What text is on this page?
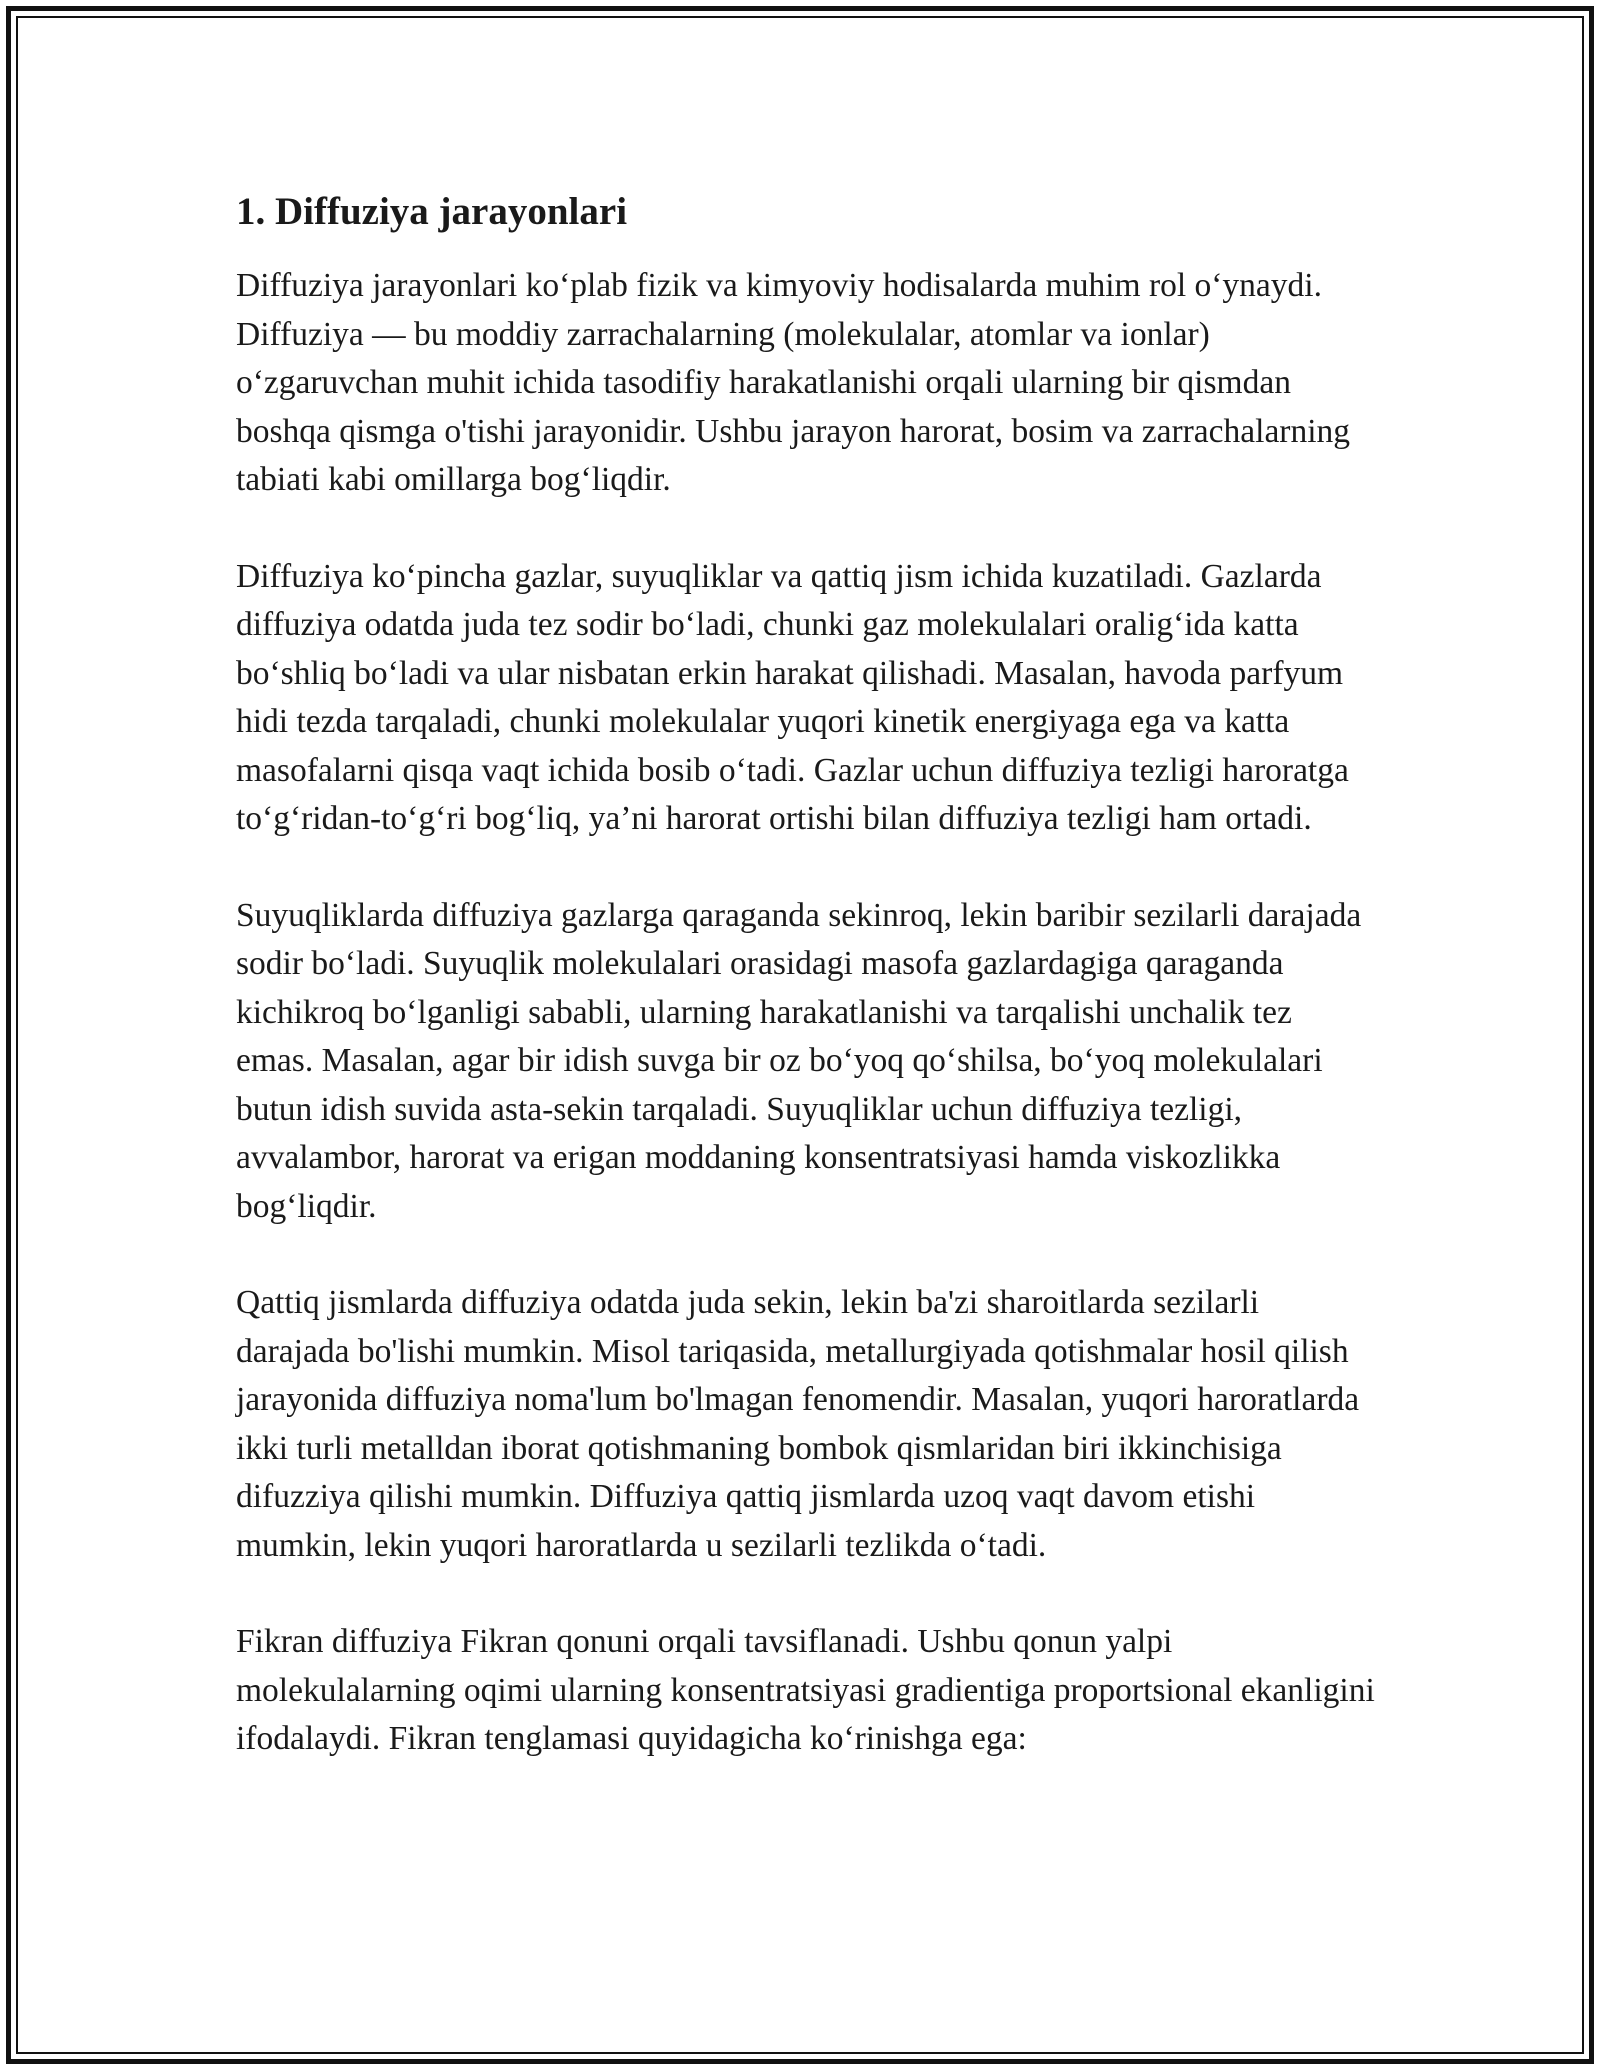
1. Diffuziya jarayonlari

Diffuziya jarayonlari ko‘plab fizik va kimyoviy hodisalarda muhim rol o‘ynaydi. Diffuziya — bu moddiy zarrachalarning (molekulalar, atomlar va ionlar) o‘zgaruvchan muhit ichida tasodifiy harakatlanishi orqali ularning bir qismdan boshqa qismga o'tishi jarayonidir. Ushbu jarayon harorat, bosim va zarrachalarning tabiati kabi omillarga bog‘liqdir.

Diffuziya ko‘pincha gazlar, suyuqliklar va qattiq jism ichida kuzatiladi. Gazlarda diffuziya odatda juda tez sodir bo‘ladi, chunki gaz molekulalari oralig‘ida katta bo‘shliq bo‘ladi va ular nisbatan erkin harakat qilishadi. Masalan, havoda parfyum hidi tezda tarqaladi, chunki molekulalar yuqori kinetik energiyaga ega va katta masofalarni qisqa vaqt ichida bosib o‘tadi. Gazlar uchun diffuziya tezligi haroratga to‘g‘ridan-to‘g‘ri bog‘liq, ya’ni harorat ortishi bilan diffuziya tezligi ham ortadi.

Suyuqliklarda diffuziya gazlarga qaraganda sekinroq, lekin baribir sezilarli darajada sodir bo‘ladi. Suyuqlik molekulalari orasidagi masofa gazlardagiga qaraganda kichikroq bo‘lganligi sababli, ularning harakatlanishi va tarqalishi unchalik tez emas. Masalan, agar bir idish suvga bir oz bo‘yoq qo‘shilsa, bo‘yoq molekulalari butun idish suvida asta-sekin tarqaladi. Suyuqliklar uchun diffuziya tezligi, avvalambor, harorat va erigan moddaning konsentratsiyasi hamda viskozlikka bog‘liqdir.

Qattiq jismlarda diffuziya odatda juda sekin, lekin ba'zi sharoitlarda sezilarli darajada bo'lishi mumkin. Misol tariqasida, metallurgiyada qotishmalar hosil qilish jarayonida diffuziya noma'lum bo'lmagan fenomendir. Masalan, yuqori haroratlarda ikki turli metalldan iborat qotishmaning bombok qismlaridan biri ikkinchisiga difuzziya qilishi mumkin. Diffuziya qattiq jismlarda uzoq vaqt davom etishi mumkin, lekin yuqori haroratlarda u sezilarli tezlikda o‘tadi.

Fikran diffuziya Fikran qonuni orqali tavsiflanadi. Ushbu qonun yalpi molekulalarning oqimi ularning konsentratsiyasi gradientiga proportsional ekanligini ifodalaydi. Fikran tenglamasi quyidagicha ko‘rinishga ega:
